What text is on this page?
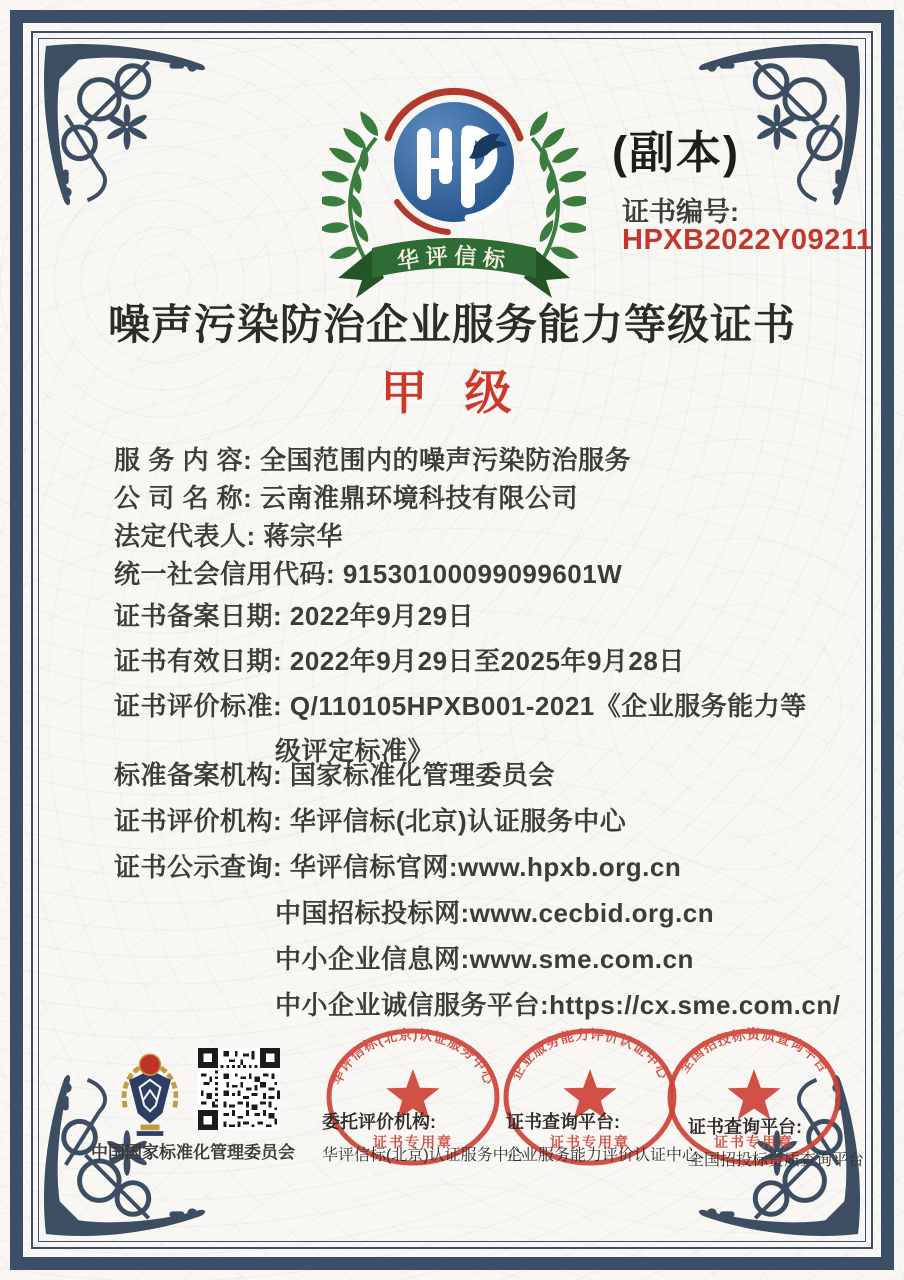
华评信标
(副本)
证书编号:
HPXB2022Y09211
噪声污染防治企业服务能力等级证书
甲 级
服 务 内 容: 全国范围内的噪声污染防治服务
公 司 名 称: 云南淮鼎环境科技有限公司
法定代表人: 蒋宗华
统一社会信用代码: 91530100099099601W
证书备案日期: 2022年9月29日
证书有效日期: 2022年9月29日至2025年9月28日
证书评价标准: Q/110105HPXB001-2021《企业服务能力等
级评定标准》
标准备案机构: 国家标准化管理委员会
证书评价机构: 华评信标(北京)认证服务中心
证书公示查询: 华评信标官网:www.hpxb.org.cn
中国招标投标网:www.cecbid.org.cn
中小企业信息网:www.sme.com.cn
中小企业诚信服务平台:https://cx.sme.com.cn/
中国国家标准化管理委员会
华评信标(北京)认证服务中心
证书专用章
企业服务能力评价认证中心
证书专用章
全国招投标资质查询平台
证书专用章
委托评价机构:
华评信标(北京)认证服务中心
证书查询平台:
企业服务能力评价认证中心
证书查询平台:
全国招投标资质查询平台
